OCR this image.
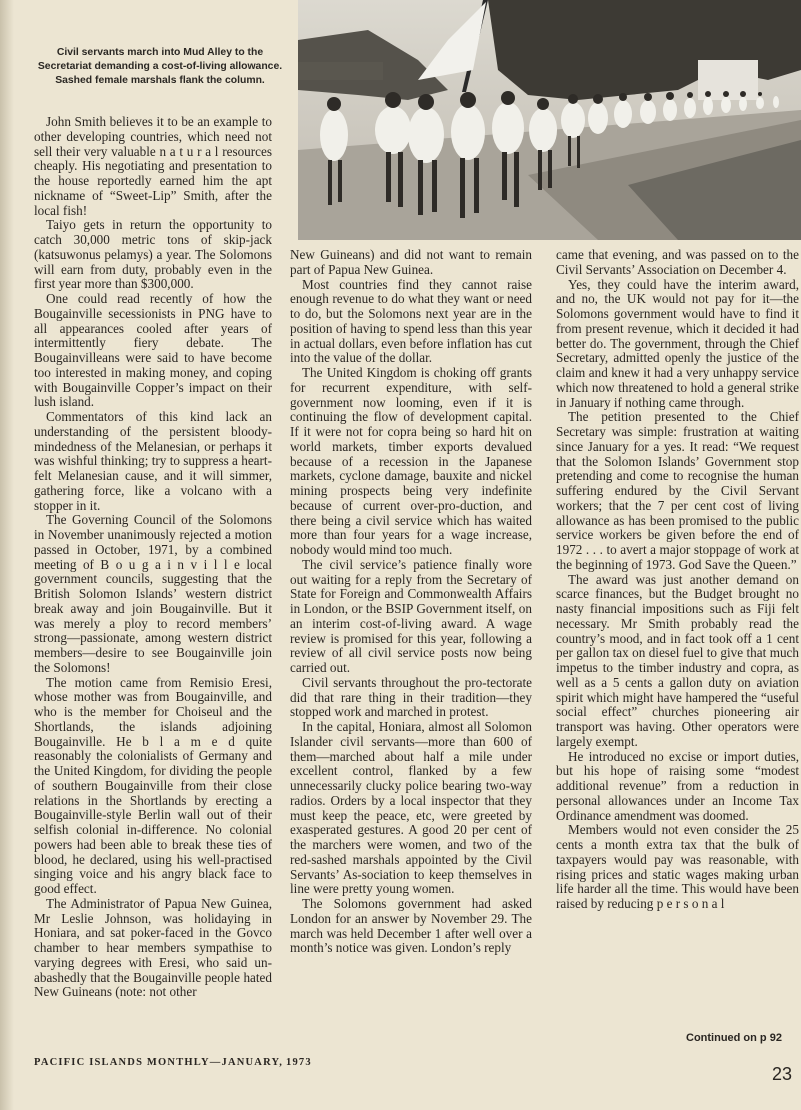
Civil servants march into Mud Alley to the Secretariat demanding a cost-of-living allowance. Sashed female marshals flank the column.

John Smith believes it to be an example to other developing countries, which need not sell their very valuable n a t u r a l resources cheaply. His negotiating and presentation to the house reportedly earned him the apt nickname of “Sweet-Lip” Smith, after the local fish!

Taiyo gets in return the opportunity to catch 30,000 metric tons of skip-jack (katsuwonus pelamys) a year. The Solomons will earn from duty, probably even in the first year more than $300,000.

One could read recently of how the Bougainville secessionists in PNG have to all appearances cooled after years of intermittently fiery debate. The Bougainvilleans were said to have become too interested in making money, and coping with Bougainville Copper’s impact on their lush island.

Commentators of this kind lack an understanding of the persistent bloody-mindedness of the Melanesian, or perhaps it was wishful thinking; try to suppress a heart-felt Melanesian cause, and it will simmer, gathering force, like a volcano with a stopper in it.

The Governing Council of the Solomons in November unanimously rejected a motion passed in October, 1971, by a combined meeting of B o u g a i n v i l l e local government councils, suggesting that the British Solomon Islands’ western district break away and join Bougainville. But it was merely a ploy to record members’ strong—passionate, among western district members—desire to see Bougainville join the Solomons!

The motion came from Remisio Eresi, whose mother was from Bougainville, and who is the member for Choiseul and the Shortlands, the islands adjoining Bougainville. He b l a m e d quite reasonably the colonialists of Germany and the United Kingdom, for dividing the people of southern Bougainville from their close relations in the Shortlands by erecting a Bougainville-style Berlin wall out of their selfish colonial in-difference. No colonial powers had been able to break these ties of blood, he declared, using his well-practised singing voice and his angry black face to good effect.

The Administrator of Papua New Guinea, Mr Leslie Johnson, was holidaying in Honiara, and sat poker-faced in the Govco chamber to hear members sympathise to varying degrees with Eresi, who said un-abashedly that the Bougainville people hated New Guineans (note: not other

New Guineans) and did not want to remain part of Papua New Guinea.

Most countries find they cannot raise enough revenue to do what they want or need to do, but the Solomons next year are in the position of having to spend less than this year in actual dollars, even before inflation has cut into the value of the dollar.

The United Kingdom is choking off grants for recurrent expenditure, with self-government now looming, even if it is continuing the flow of development capital. If it were not for copra being so hard hit on world markets, timber exports devalued because of a recession in the Japanese markets, cyclone damage, bauxite and nickel mining prospects being very indefinite because of current over-pro-duction, and there being a civil service which has waited more than four years for a wage increase, nobody would mind too much.

The civil service’s patience finally wore out waiting for a reply from the Secretary of State for Foreign and Commonwealth Affairs in London, or the BSIP Government itself, on an interim cost-of-living award. A wage review is promised for this year, following a review of all civil service posts now being carried out.

Civil servants throughout the pro-tectorate did that rare thing in their tradition—they stopped work and marched in protest.

In the capital, Honiara, almost all Solomon Islander civil servants—more than 600 of them—marched about half a mile under excellent control, flanked by a few unnecessarily clucky police bearing two-way radios. Orders by a local inspector that they must keep the peace, etc, were greeted by exasperated gestures. A good 20 per cent of the marchers were women, and two of the red-sashed marshals appointed by the Civil Servants’ As-sociation to keep themselves in line were pretty young women.

The Solomons government had asked London for an answer by November 29. The march was held December 1 after well over a month’s notice was given. London’s reply

came that evening, and was passed on to the Civil Servants’ Association on December 4.

Yes, they could have the interim award, and no, the UK would not pay for it—the Solomons government would have to find it from present revenue, which it decided it had better do. The government, through the Chief Secretary, admitted openly the justice of the claim and knew it had a very unhappy service which now threatened to hold a general strike in January if nothing came through.

The petition presented to the Chief Secretary was simple: frustration at waiting since January for a yes. It read: “We request that the Solomon Islands’ Government stop pretending and come to recognise the human suffering endured by the Civil Servant workers; that the 7 per cent cost of living allowance as has been promised to the public service workers be given before the end of 1972 . . . to avert a major stoppage of work at the beginning of 1973. God Save the Queen.”

The award was just another demand on scarce finances, but the Budget brought no nasty financial impositions such as Fiji felt necessary. Mr Smith probably read the country’s mood, and in fact took off a 1 cent per gallon tax on diesel fuel to give that much impetus to the timber industry and copra, as well as a 5 cents a gallon duty on aviation spirit which might have hampered the “useful social effect” churches pioneering air transport was having. Other operators were largely exempt.

He introduced no excise or import duties, but his hope of raising some “modest additional revenue” from a reduction in personal allowances under an Income Tax Ordinance amendment was doomed.

Members would not even consider the 25 cents a month extra tax that the bulk of taxpayers would pay was reasonable, with rising prices and static wages making urban life harder all the time. This would have been raised by reducing p e r s o n a l

Continued on p 92
PACIFIC ISLANDS MONTHLY—JANUARY, 1973
23
